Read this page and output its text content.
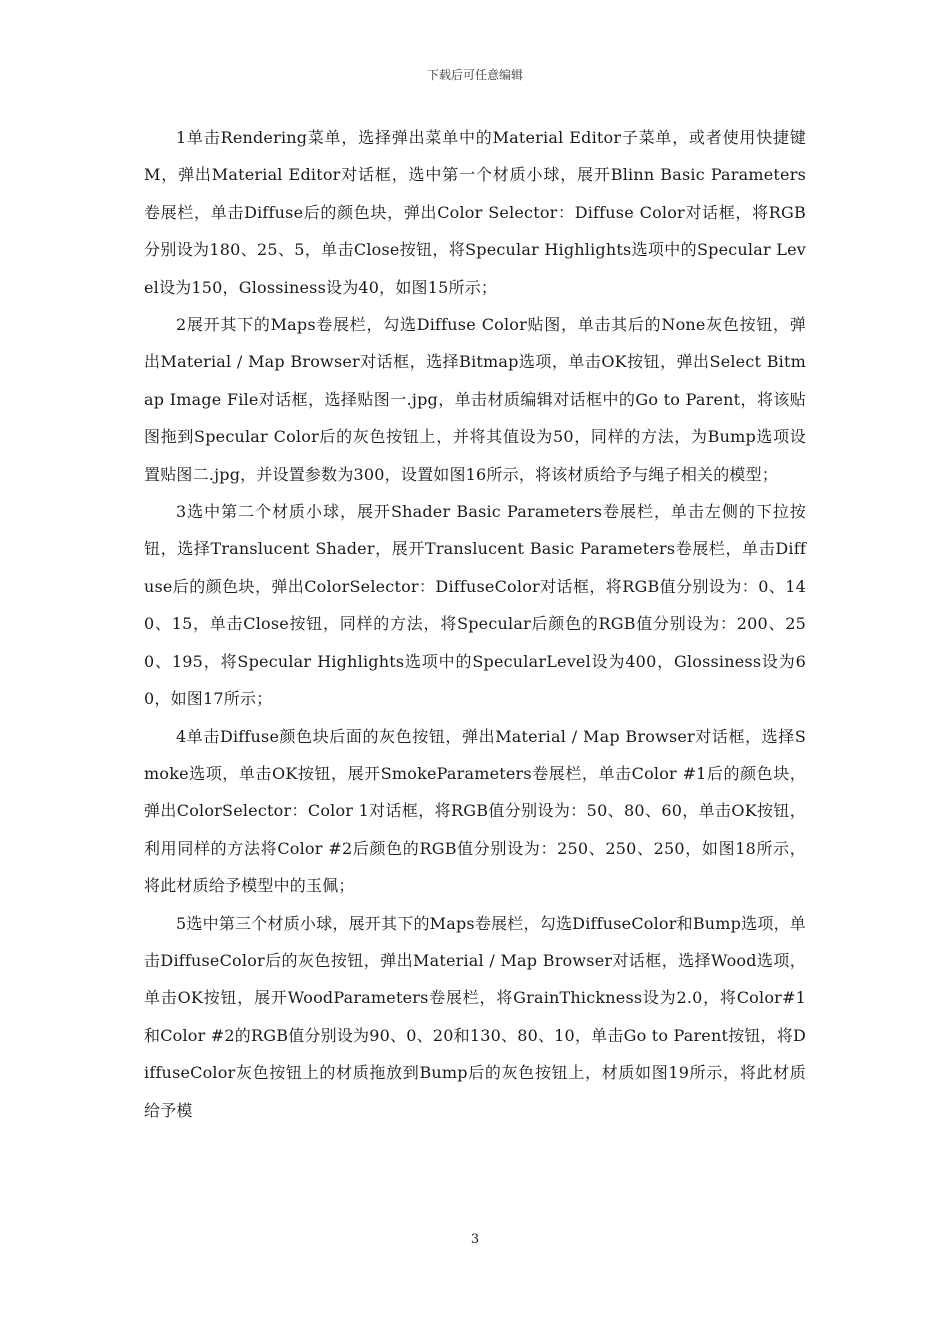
下载后可任意编辑

1单击Rendering菜单，选择弹出菜单中的Material Editor子菜单，或者使用快捷键M，弹出Material Editor对话框，选中第一个材质小球，展开Blinn Basic Parameters卷展栏，单击Diffuse后的颜色块，弹出Color Selector：Diffuse Color对话框，将RGB分别设为180、25、5，单击Close按钮，将Specular Highlights选项中的Specular Level设为150，Glossiness设为40，如图15所示；

2展开其下的Maps卷展栏，勾选Diffuse Color贴图，单击其后的None灰色按钮，弹出Material / Map Browser对话框，选择Bitmap选项，单击OK按钮，弹出Select Bitmap Image File对话框，选择贴图一.jpg，单击材质编辑对话框中的Go to Parent，将该贴图拖到Specular Color后的灰色按钮上，并将其值设为50，同样的方法，为Bump选项设置贴图二.jpg，并设置参数为300，设置如图16所示，将该材质给予与绳子相关的模型；

3选中第二个材质小球，展开Shader Basic Parameters卷展栏，单击左侧的下拉按钮，选择Translucent Shader，展开Translucent Basic Parameters卷展栏，单击Diffuse后的颜色块，弹出ColorSelector：DiffuseColor对话框，将RGB值分别设为：0、140、15，单击Close按钮，同样的方法，将Specular后颜色的RGB值分别设为：200、250、195，将Specular Highlights选项中的SpecularLevel设为400，Glossiness设为60，如图17所示；

4单击Diffuse颜色块后面的灰色按钮，弹出Material / Map Browser对话框，选择Smoke选项，单击OK按钮，展开SmokeParameters卷展栏，单击Color #1后的颜色块，弹出ColorSelector：Color 1对话框，将RGB值分别设为：50、80、60，单击OK按钮，利用同样的方法将Color #2后颜色的RGB值分别设为：250、250、250，如图18所示，将此材质给予模型中的玉佩；

5选中第三个材质小球，展开其下的Maps卷展栏，勾选DiffuseColor和Bump选项，单击DiffuseColor后的灰色按钮，弹出Material / Map Browser对话框，选择Wood选项，单击OK按钮，展开WoodParameters卷展栏，将GrainThickness设为2.0，将Color#1和Color #2的RGB值分别设为90、0、20和130、80、10，单击Go to Parent按钮，将DiffuseColor灰色按钮上的材质拖放到Bump后的灰色按钮上，材质如图19所示，将此材质给予模

3
